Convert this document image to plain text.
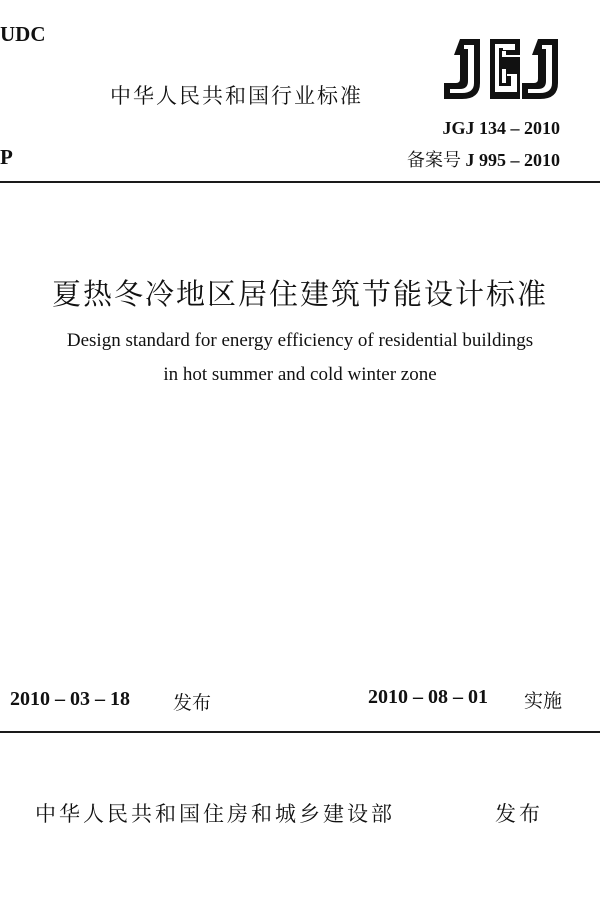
UDC
P
中华人民共和国行业标准
JGJ 134 – 2010
备案号 J 995 – 2010
夏热冬冷地区居住建筑节能设计标准
Design standard for energy efficiency of residential buildings
in hot summer and cold winter zone
2010 – 03 – 18 发布	2010 – 08 – 01 实施
中华人民共和国住房和城乡建设部	发布
